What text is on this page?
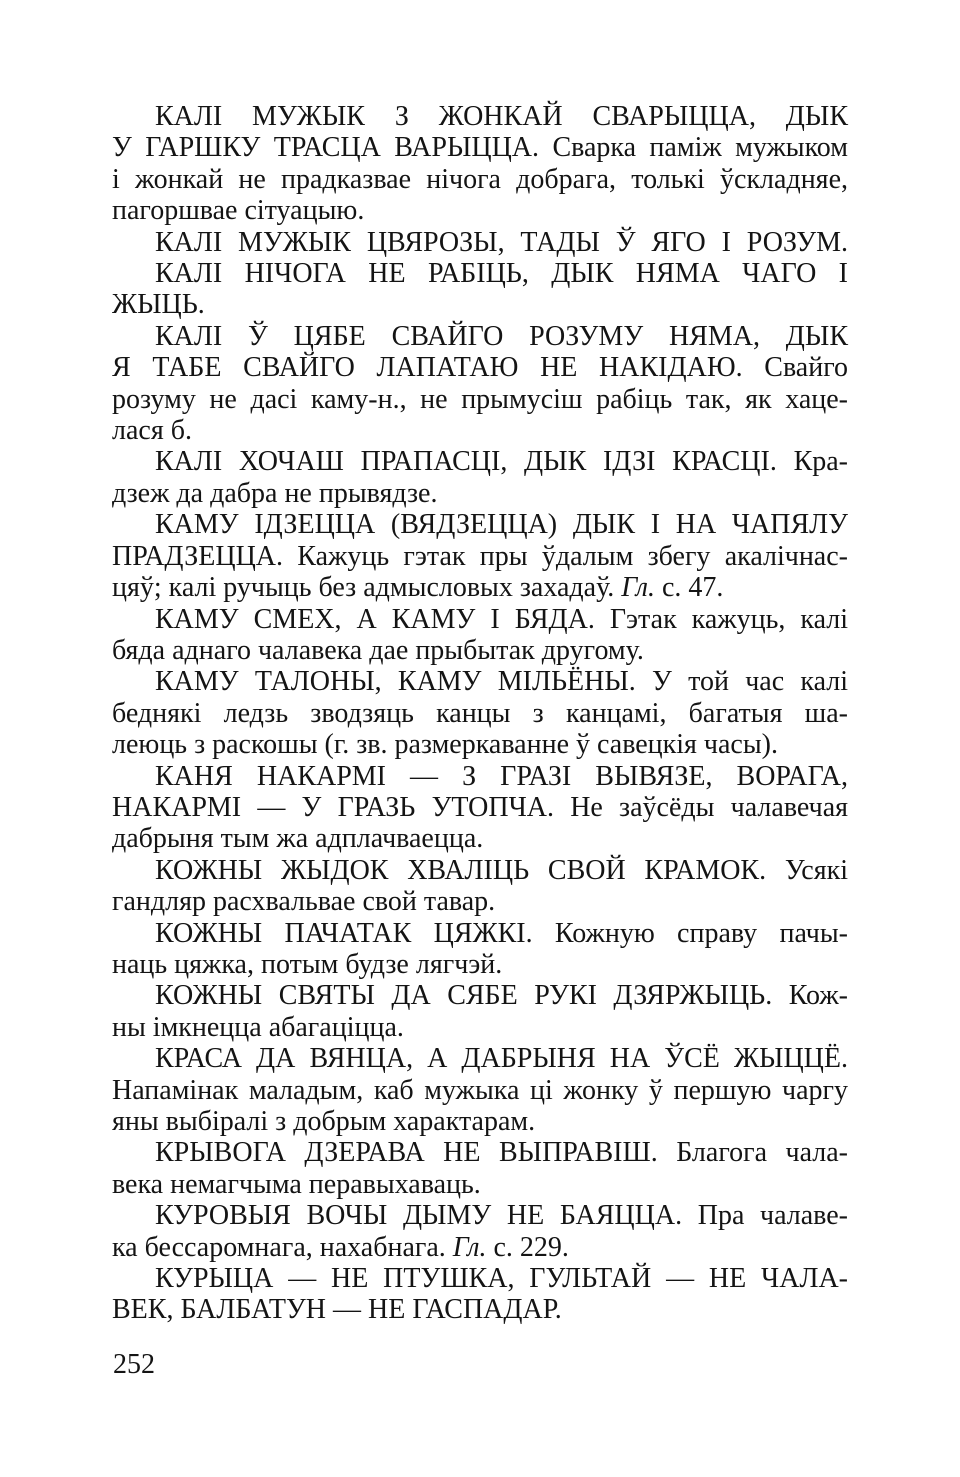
КАЛІ МУЖЫК З ЖОНКАЙ СВАРЫЦЦА, ДЫК
У ГАРШКУ ТРАСЦА ВАРЫЦЦА. Сварка паміж мужыком
і жонкай не прадказвае нічога добрага, толькі ўскладняе,
пагоршвае сітуацыю.
КАЛІ МУЖЫК ЦВЯРОЗЫ, ТАДЫ Ў ЯГО І РОЗУМ.
КАЛІ НІЧОГА НЕ РАБІЦЬ, ДЫК НЯМА ЧАГО І
ЖЫЦЬ.
КАЛІ Ў ЦЯБЕ СВАЙГО РОЗУМУ НЯМА, ДЫК
Я ТАБЕ СВАЙГО ЛАПАТАЮ НЕ НАКІДАЮ. Свайго
розуму не дасі каму-н., не прымусіш рабіць так, як хаце-
лася б.
КАЛІ ХОЧАШ ПРАПАСЦІ, ДЫК ІДЗІ КРАСЦІ. Кра-
дзеж да дабра не прывядзе.
КАМУ ІДЗЕЦЦА (ВЯДЗЕЦЦА) ДЫК І НА ЧАПЯЛУ
ПРАДЗЕЦЦА. Кажуць гэтак пры ўдалым збегу акалічнас-
цяў; калі ручыць без адмысловых захадаў. Гл. с. 47.
КАМУ СМЕХ, А КАМУ І БЯДА. Гэтак кажуць, калі
бяда аднаго чалавека дае прыбытак другому.
КАМУ ТАЛОНЫ, КАМУ МІЛЬЁНЫ. У той час калі
беднякі ледзь зводзяць канцы з канцамі, багатыя ша-
леюць з раскошы (г. зв. размеркаванне ў савецкія часы).
КАНЯ НАКАРМІ — З ГРАЗІ ВЫВЯЗЕ, ВОРАГА,
НАКАРМІ — У ГРАЗЬ УТОПЧА. Не заўсёды чалавечая
дабрыня тым жа адплачваецца.
КОЖНЫ ЖЫДОК ХВАЛІЦЬ СВОЙ КРАМОК. Усякі
гандляр расхвальвае свой тавар.
КОЖНЫ ПАЧАТАК ЦЯЖКІ. Кожную справу пачы-
наць цяжка, потым будзе лягчэй.
КОЖНЫ СВЯТЫ ДА СЯБЕ РУКІ ДЗЯРЖЫЦЬ. Кож-
ны імкнецца абагаціцца.
КРАСА ДА ВЯНЦА, А ДАБРЫНЯ НА ЎСЁ ЖЫЦЦЁ.
Напамінак маладым, каб мужыка ці жонку ў першую чаргу
яны выбіралі з добрым характарам.
КРЫВОГА ДЗЕРАВА НЕ ВЫПРАВІШ. Благога чала-
века немагчыма перавыхаваць.
КУРОВЫЯ ВОЧЫ ДЫМУ НЕ БАЯЦЦА. Пра чалаве-
ка бессаромнага, нахабнага. Гл. с. 229.
КУРЫЦА — НЕ ПТУШКА, ГУЛЬТАЙ — НЕ ЧАЛА-
ВЕК, БАЛБАТУН — НЕ ГАСПАДАР.
252
